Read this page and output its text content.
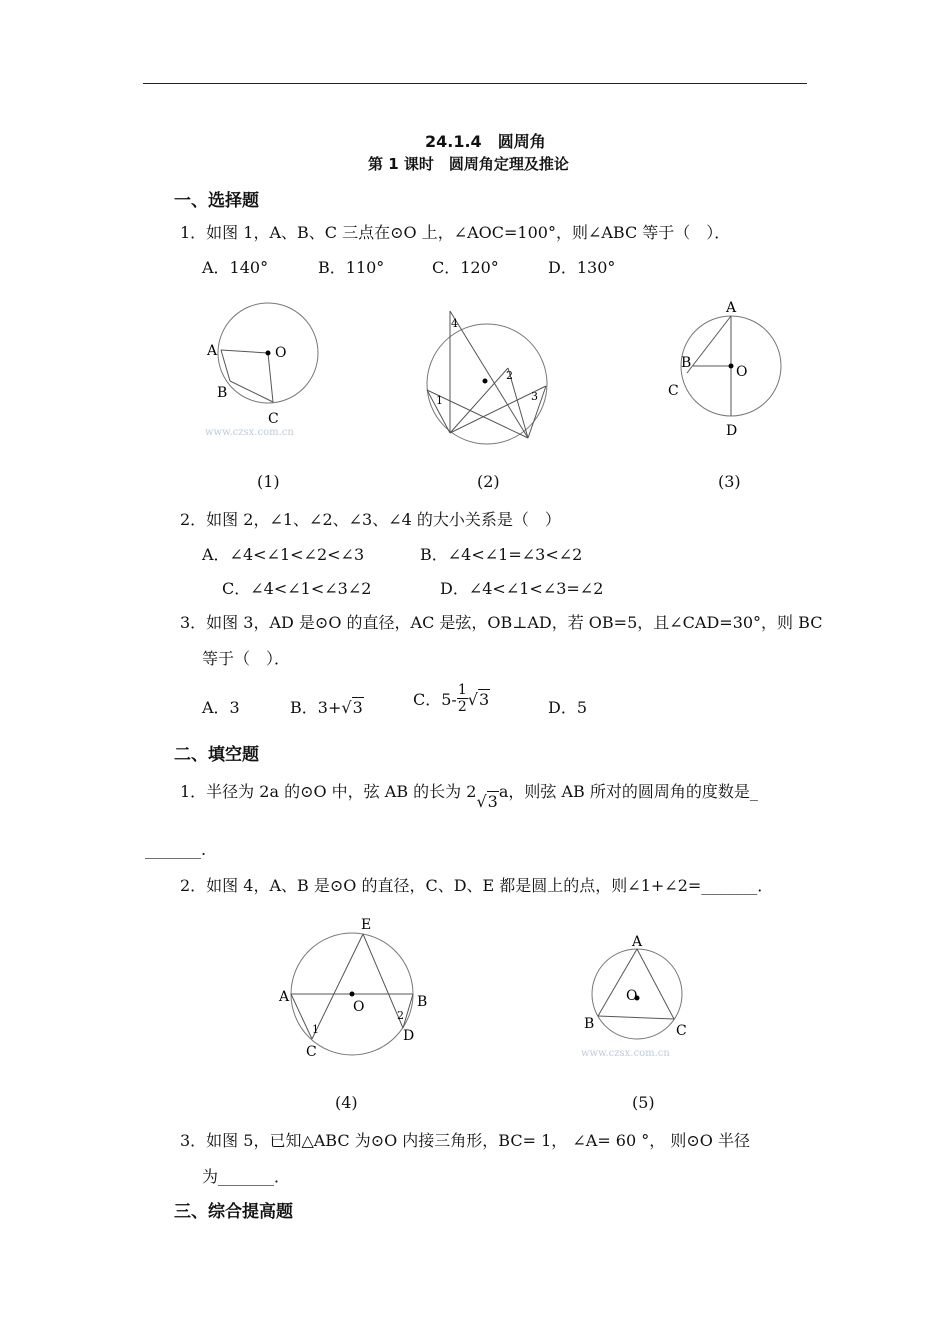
24.1.4　圆周角
第 1 课时　圆周角定理及推论
一、选择题
1．如图 1，A、B、C 三点在⊙O 上，∠AOC=100°，则∠ABC 等于（　）．
A．140°	B．110°	C．120°	D．130°
A	O
B
C
www.czsx.com.cn
(1)
4
2
1	3
(2)
A
B
O
C
D
(3)
2．如图 2，∠1、∠2、∠3、∠4 的大小关系是（　）
A．∠4<∠1<∠2<∠3	B．∠4<∠1=∠3<∠2
C．∠4<∠1<∠3∠2	D．∠4<∠1<∠3=∠2
3．如图 3，AD 是⊙O 的直径，AC 是弦，OB⊥AD，若 OB=5，且∠CAD=30°，则 BC
等于（　）．
A．3	B．3+√3	C．$5- \frac{1}{2} √3$	D．5
二、填空题
1．半径为 2a 的⊙O 中，弦 AB 的长为 2√3a，则弦 AB 所对的圆周角的度数是_
_______.
2．如图 4，A、B 是⊙O 的直径，C、D、E 都是圆上的点，则∠1+∠2=_______．
E
A	B
O
1
2
C
D
(4)
A
O
B	C
www.czsx.com.cn
(5)
3．如图 5，已知△ABC 为⊙O 内接三角形，BC= 1， ∠A= 60 °， 则⊙O 半径
为_______．
三、综合提高题
